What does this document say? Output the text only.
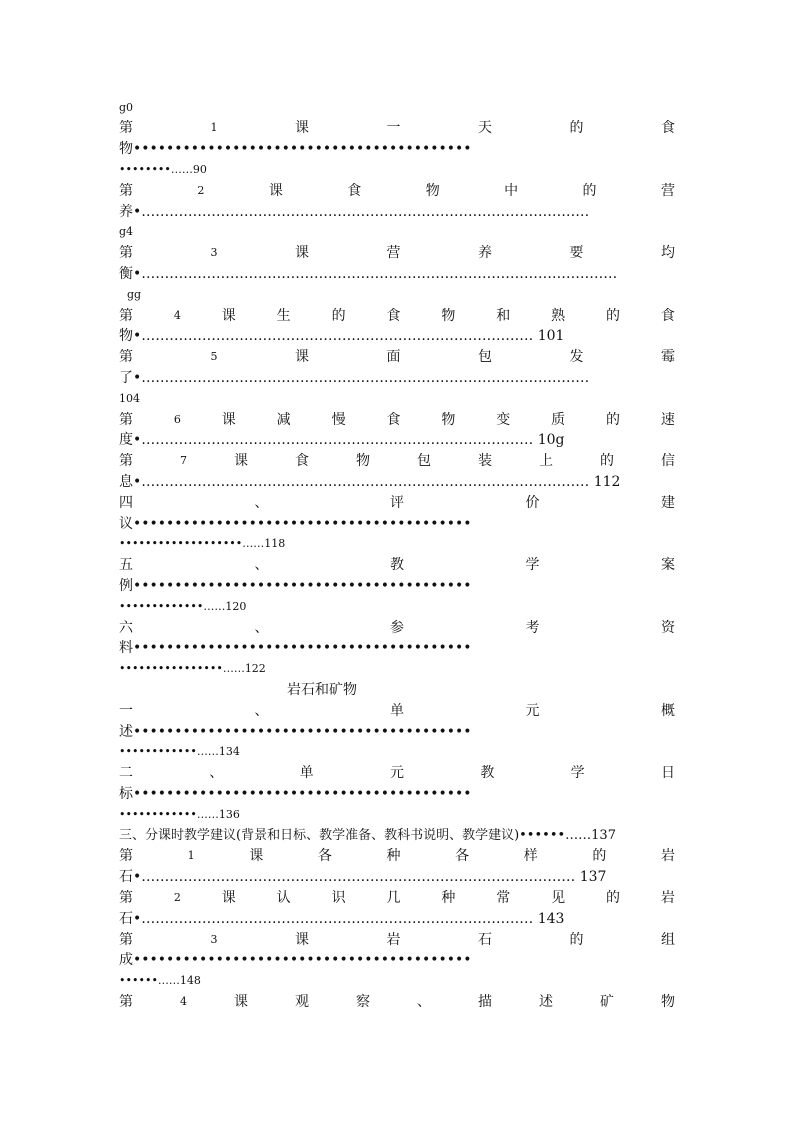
g0
第	1	课	一	天	的	食
物•••••••••••••••••••••••••••••••••••••••••
••••••••……90
第	2	课	食	物	中	的	营
养•……………………………………………………………………………………
g4
第	3	课	营	养	要	均
衡•…………………………………………………………………………………………
gg
第	4	课	生	的	食	物	和	熟	的	食
物•………………………………………………………………………… 101
第	5	课	面	包	发	霉
了•……………………………………………………………………………………
104
第	6	课	减	慢	食	物	变	质	的	速
度•………………………………………………………………………… 10g
第	7	课	食	物	包	装	上	的	信
息•…………………………………………………………………………………… 112
四	、	评	价	建
议•••••••••••••••••••••••••••••••••••••••••
•••••••••••••••••••……118
五	、	教	学	案
例•••••••••••••••••••••••••••••••••••••••••
•••••••••••••……120
六	、	参	考	资
料•••••••••••••••••••••••••••••••••••••••••
••••••••••••••••……122
岩石和矿物
一	、	单	元	概
述•••••••••••••••••••••••••••••••••••••••••
••••••••••••……134
二	、	单	元	教	学	日
标•••••••••••••••••••••••••••••••••••••••••
••••••••••••……136
三、分课时教学建议(背景和日标、教学准备、教科书说明、教学建议)••••••……137
第	1	课	各	种	各	样	的	岩
石•………………………………………………………………………………… 137
第	2	课	认	识	几	种	常	见	的	岩
石•………………………………………………………………………… 143
第	3	课	岩	石	的	组
成•••••••••••••••••••••••••••••••••••••••••
••••••……148
第	4	课	观	察	、	描	述	矿	物
